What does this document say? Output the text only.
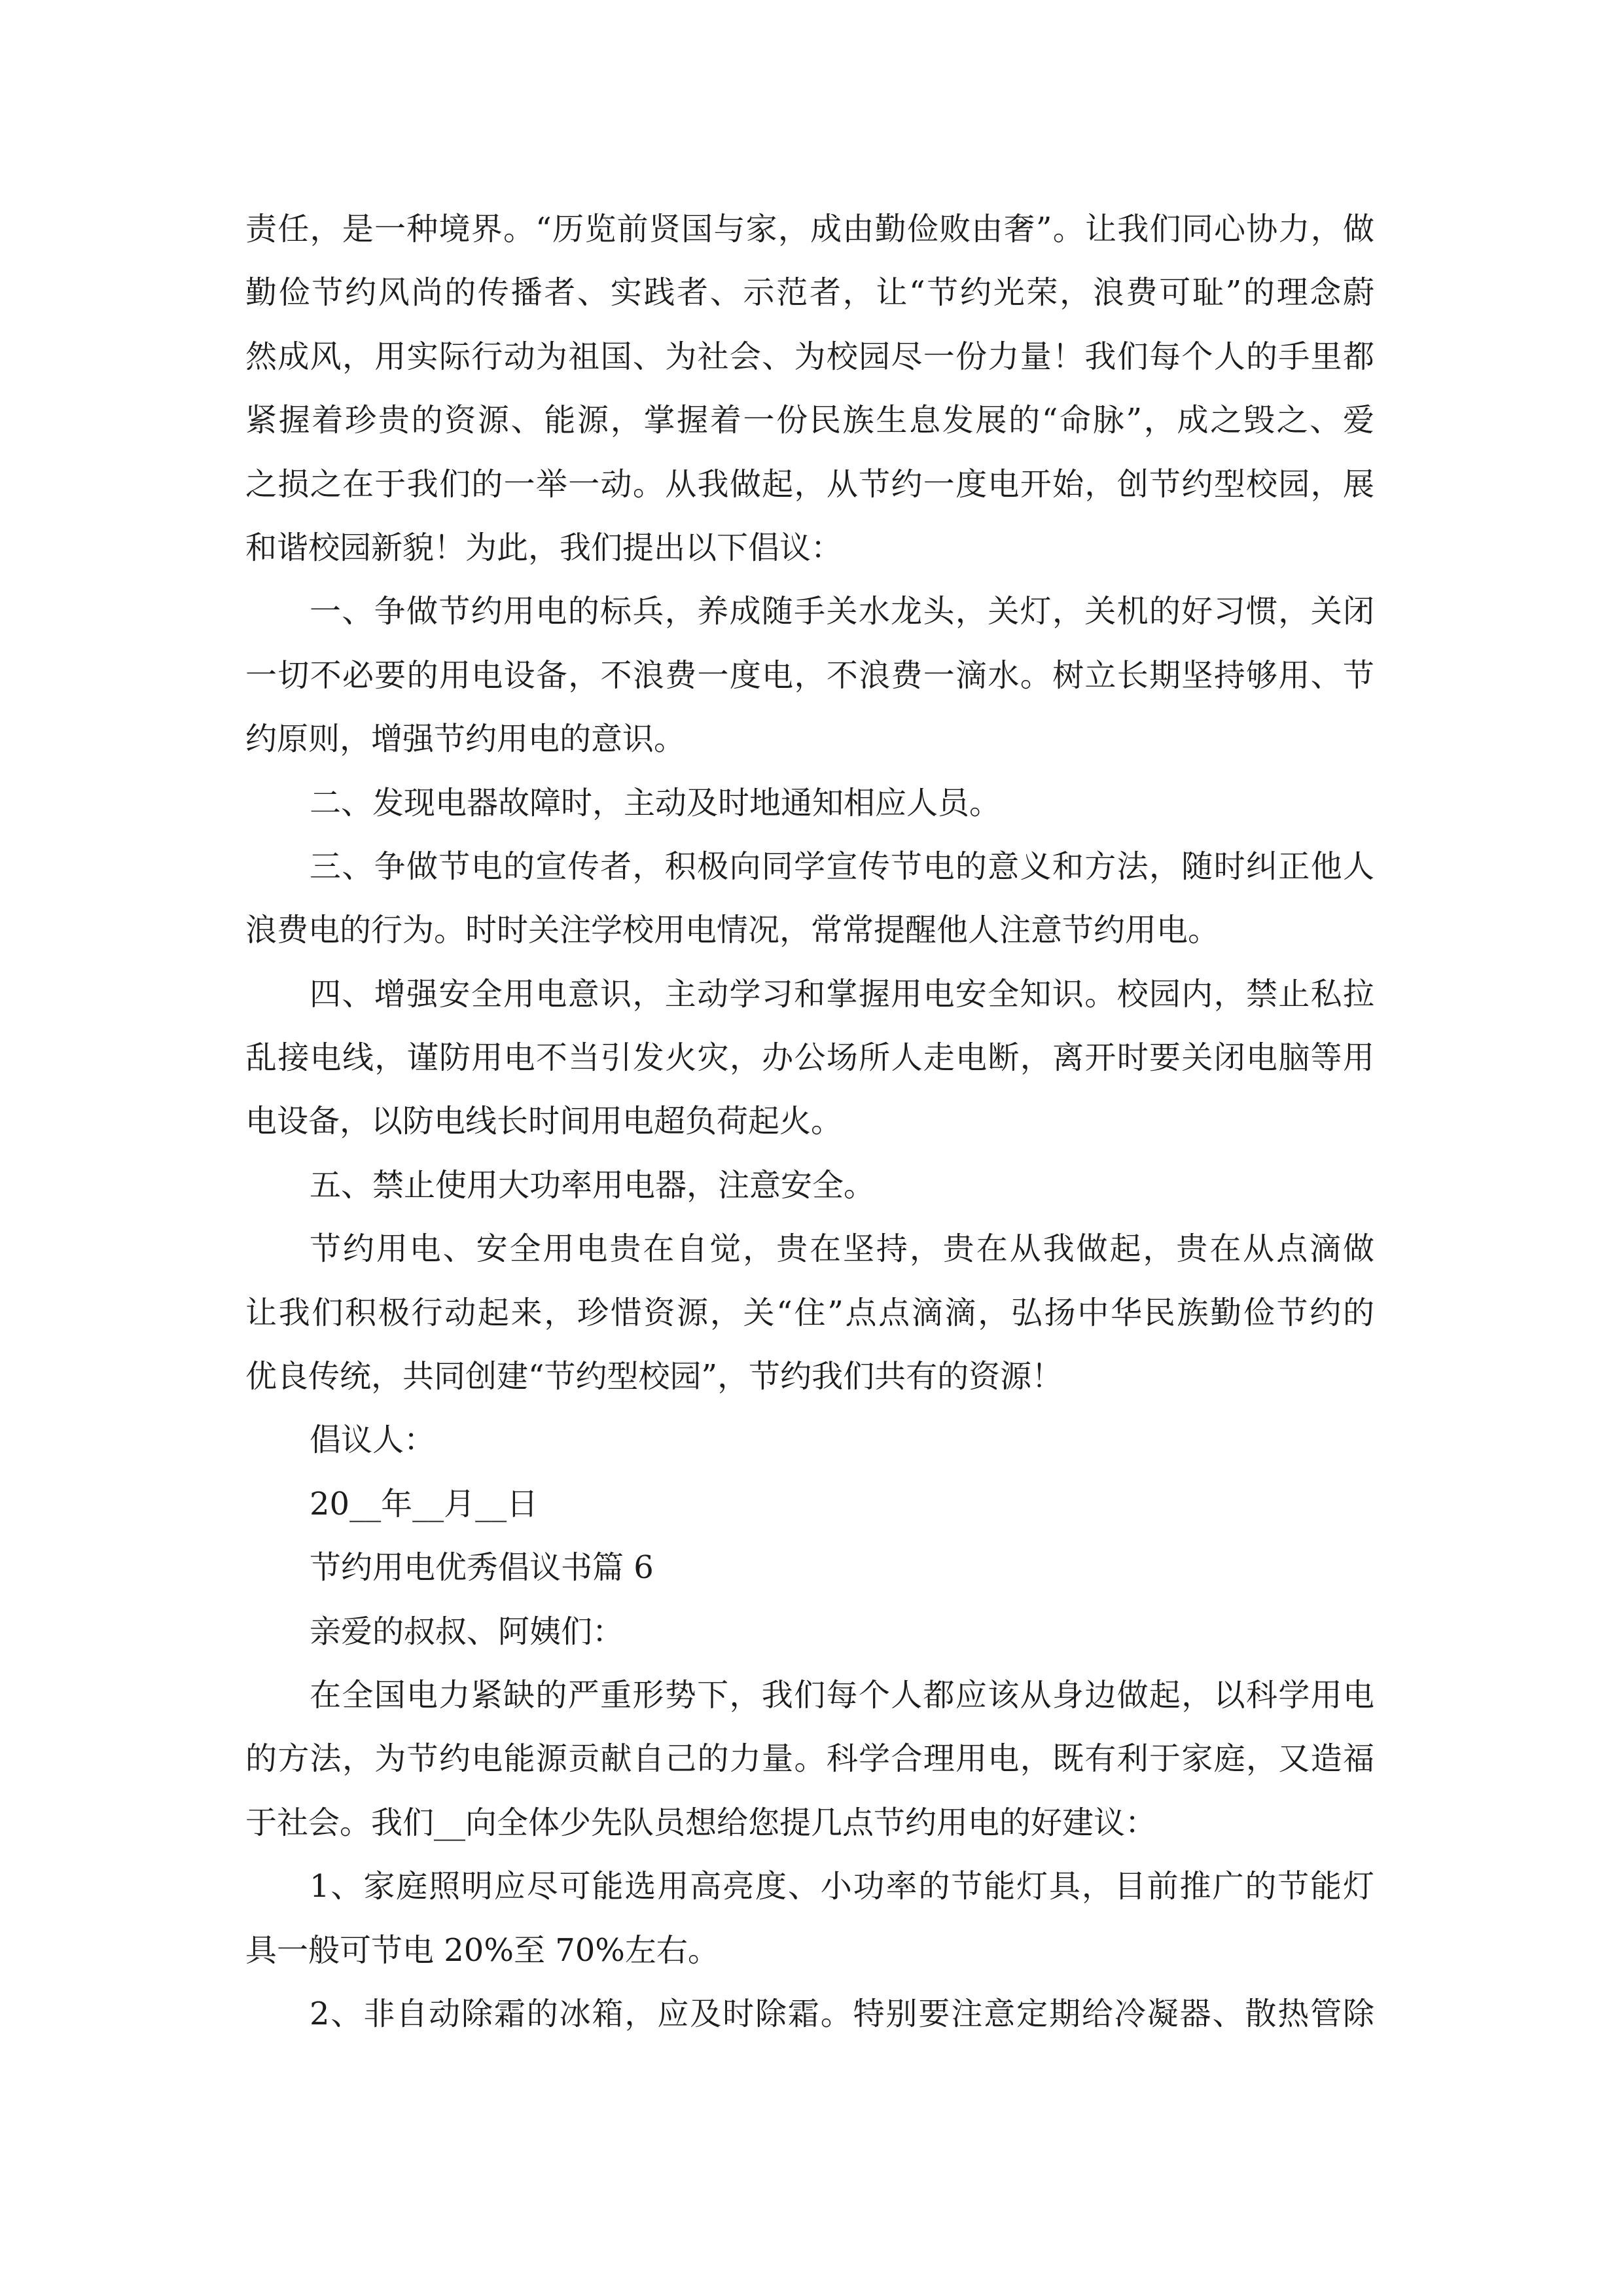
责任，是一种境界。“历览前贤国与家，成由勤俭败由奢”。让我们同心协力，做
勤俭节约风尚的传播者、实践者、示范者，让“节约光荣，浪费可耻”的理念蔚
然成风，用实际行动为祖国、为社会、为校园尽一份力量！我们每个人的手里都
紧握着珍贵的资源、能源，掌握着一份民族生息发展的“命脉”，成之毁之、爱
之损之在于我们的一举一动。从我做起，从节约一度电开始，创节约型校园，展
和谐校园新貌！为此，我们提出以下倡议：
一、争做节约用电的标兵，养成随手关水龙头，关灯，关机的好习惯，关闭
一切不必要的用电设备，不浪费一度电，不浪费一滴水。树立长期坚持够用、节
约原则，增强节约用电的意识。
二、发现电器故障时，主动及时地通知相应人员。
三、争做节电的宣传者，积极向同学宣传节电的意义和方法，随时纠正他人
浪费电的行为。时时关注学校用电情况，常常提醒他人注意节约用电。
四、增强安全用电意识，主动学习和掌握用电安全知识。校园内，禁止私拉
乱接电线，谨防用电不当引发火灾，办公场所人走电断，离开时要关闭电脑等用
电设备，以防电线长时间用电超负荷起火。
五、禁止使用大功率用电器，注意安全。
节约用电、安全用电贵在自觉，贵在坚持，贵在从我做起，贵在从点滴做
让我们积极行动起来，珍惜资源，关“住”点点滴滴，弘扬中华民族勤俭节约的
优良传统，共同创建“节约型校园”，节约我们共有的资源！
倡议人：
20__年__月__日
节约用电优秀倡议书篇 6
亲爱的叔叔、阿姨们：
在全国电力紧缺的严重形势下，我们每个人都应该从身边做起，以科学用电
的方法，为节约电能源贡献自己的力量。科学合理用电，既有利于家庭，又造福
于社会。我们__向全体少先队员想给您提几点节约用电的好建议：
1、家庭照明应尽可能选用高亮度、小功率的节能灯具，目前推广的节能灯
具一般可节电 20%至 70%左右。
2、非自动除霜的冰箱，应及时除霜。特别要注意定期给冷凝器、散热管除
